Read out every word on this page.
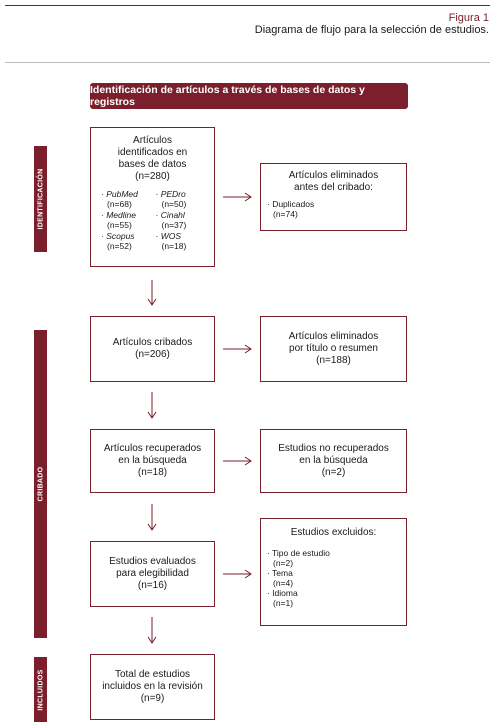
Figura 1
Diagrama de flujo para la selección de estudios.
Identificación de artículos a través de bases de datos y registros
IDENTIFICACIÓN
CRIBADO
INCLUIDOS
Artículos
identificados en
bases de datos
(n=280)
· PubMed
(n=68)
· PEDro
(n=50)
· Medline
(n=55)
· Cinahl
(n=37)
· Scopus
(n=52)
· WOS
(n=18)
Artículos eliminados
antes del cribado:
· Duplicados
(n=74)
Artículos cribados
(n=206)
Artículos eliminados
por título o resumen
(n=188)
Artículos recuperados
en la búsqueda
(n=18)
Estudios no recuperados
en la búsqueda
(n=2)
Estudios evaluados
para elegibilidad
(n=16)
Estudios excluidos:
· Tipo de estudio
(n=2)
· Tema
(n=4)
· Idioma
(n=1)
Total de estudios
incluidos en la revisión
(n=9)
